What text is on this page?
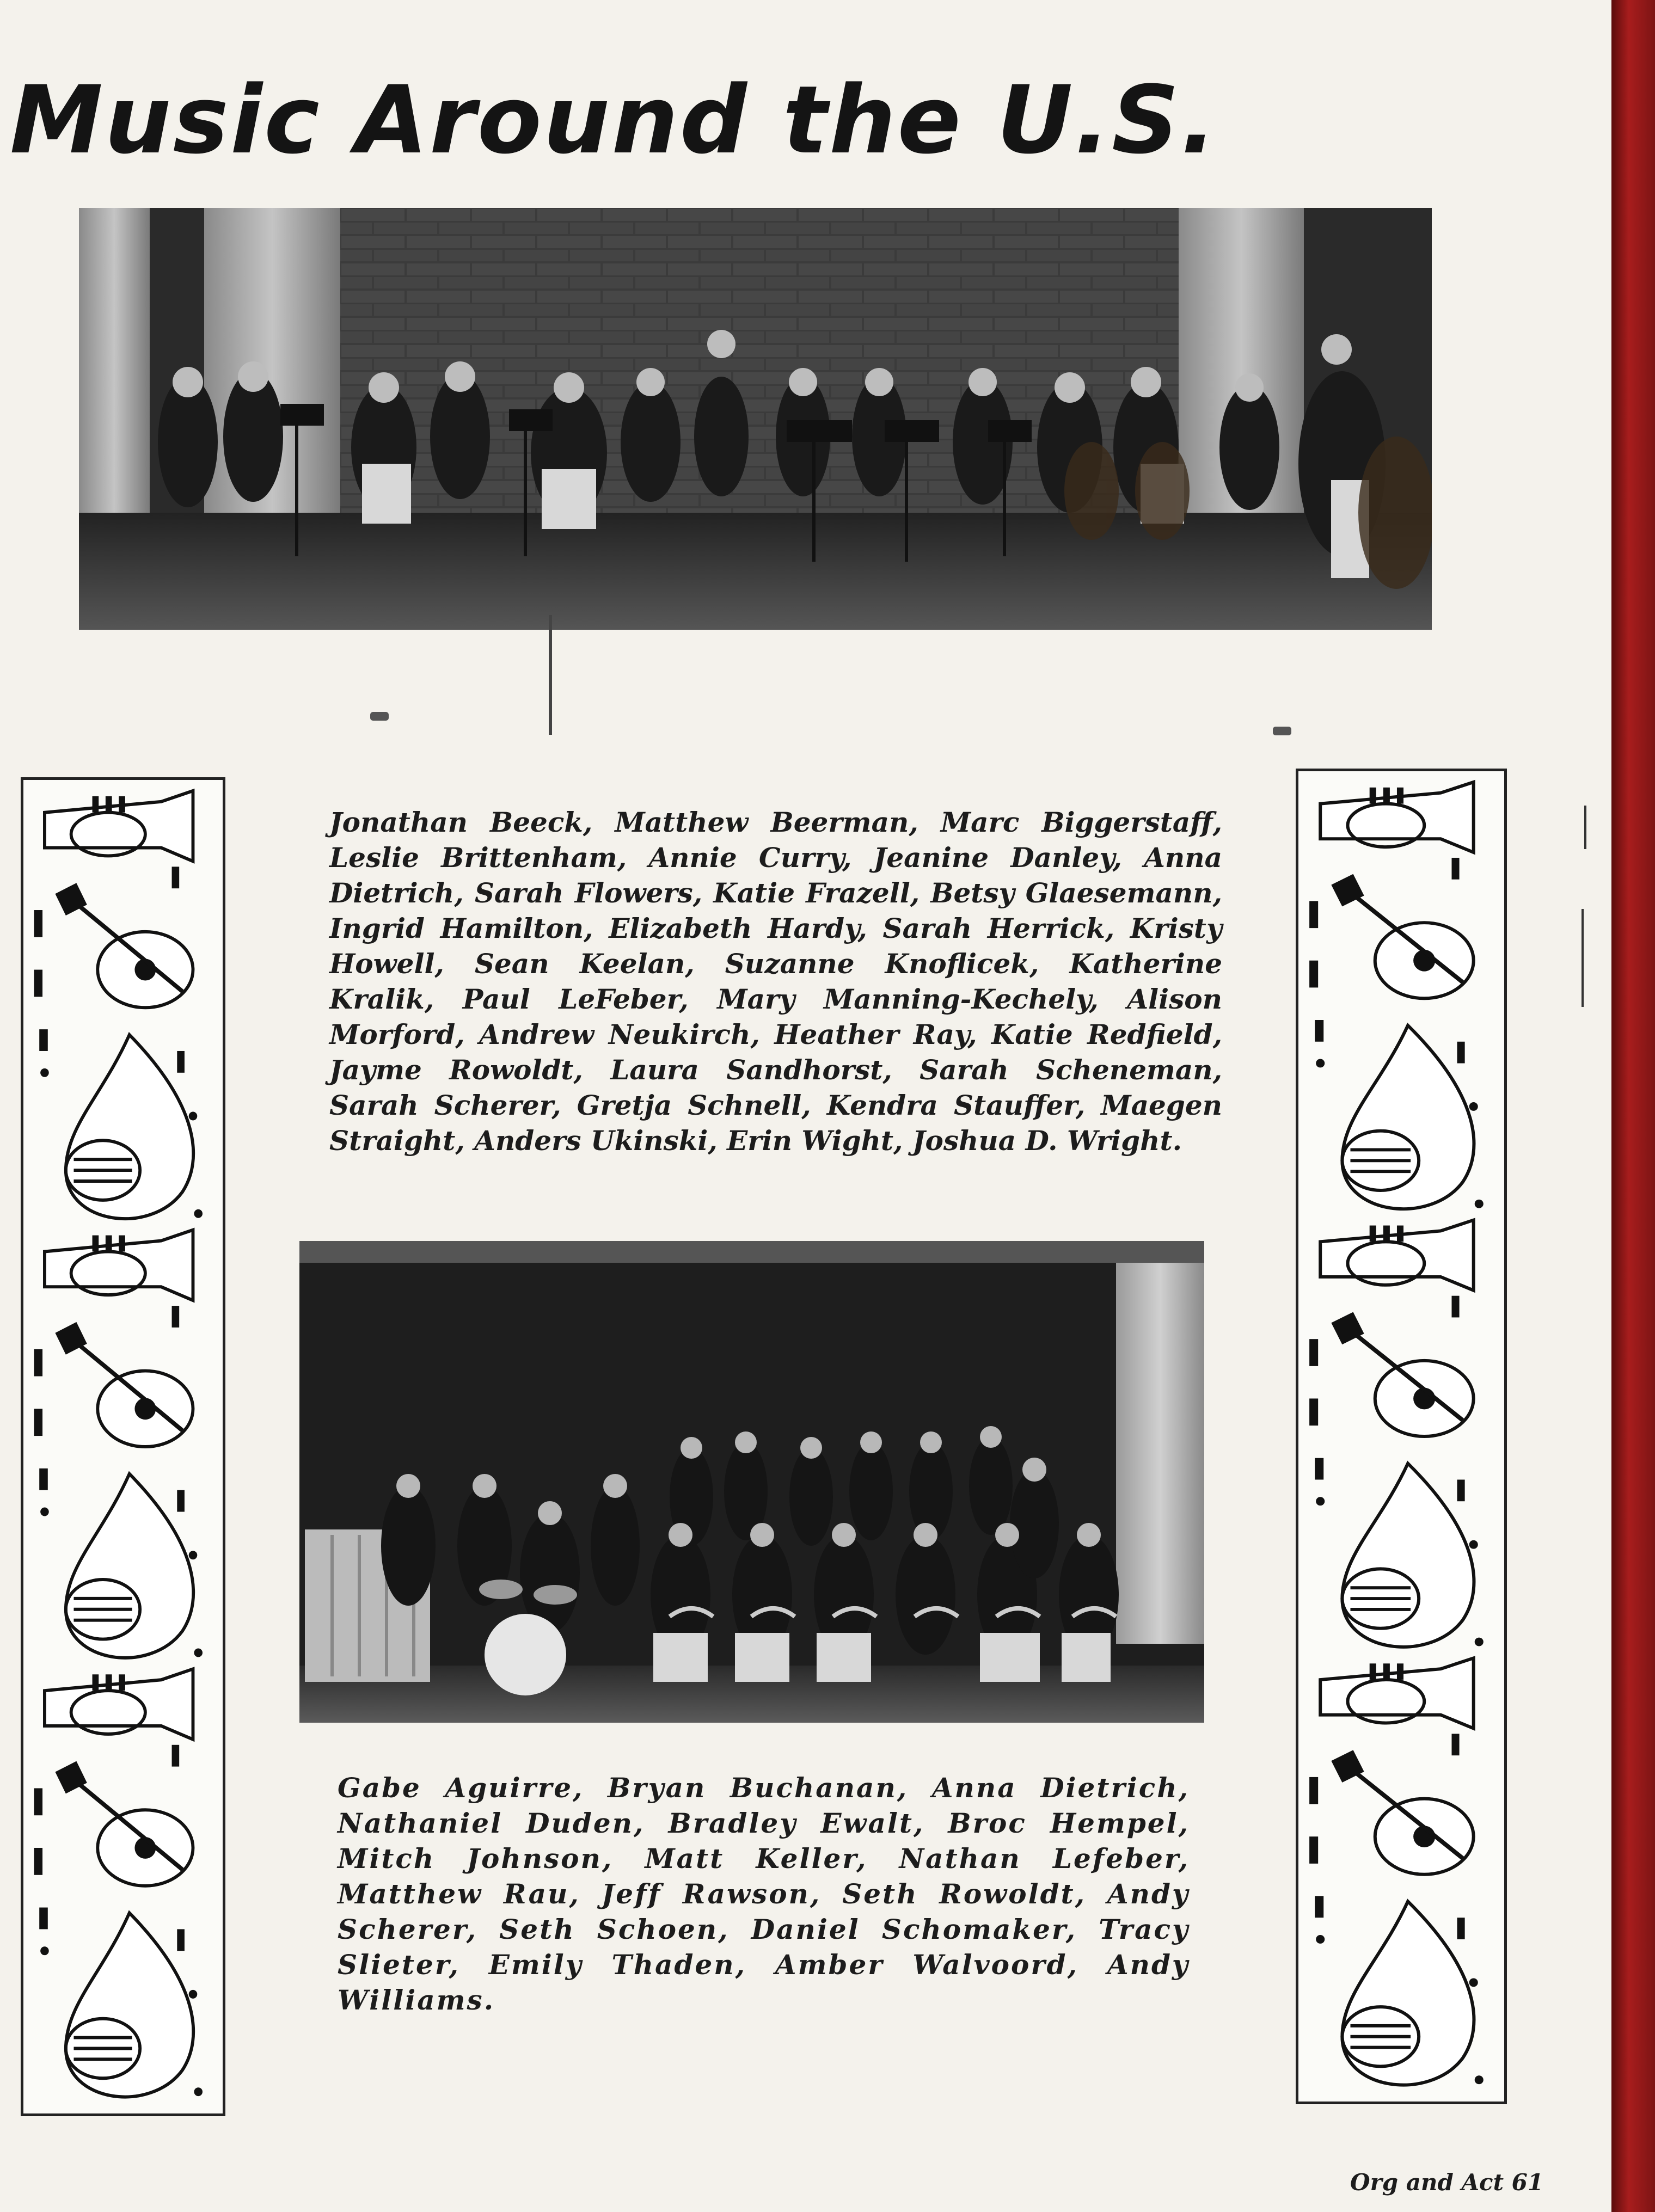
Music Around the U.S.

Jonathan Beeck, Matthew Beerman, Marc Biggerstaff, Leslie Brittenham, Annie Curry, Jeanine Danley, Anna Dietrich, Sarah Flowers, Katie Frazell, Betsy Glaesemann, Ingrid Hamilton, Elizabeth Hardy, Sarah Herrick, Kristy Howell, Sean Keelan, Suzanne Knoflicek, Katherine Kralik, Paul LeFeber, Mary Manning-Kechely, Alison Morford, Andrew Neukirch, Heather Ray, Katie Redfield, Jayme Rowoldt, Laura Sandhorst, Sarah Scheneman, Sarah Scherer, Gretja Schnell, Kendra Stauffer, Maegen Straight, Anders Ukinski, Erin Wight, Joshua D. Wright.

Gabe Aguirre, Bryan Buchanan, Anna Dietrich, Nathaniel Duden, Bradley Ewalt, Broc Hempel, Mitch Johnson, Matt Keller, Nathan Lefeber, Matthew Rau, Jeff Rawson, Seth Rowoldt, Andy Scherer, Seth Schoen, Daniel Schomaker, Tracy Slieter, Emily Thaden, Amber Walvoord, Andy Williams.

Org and Act 61
